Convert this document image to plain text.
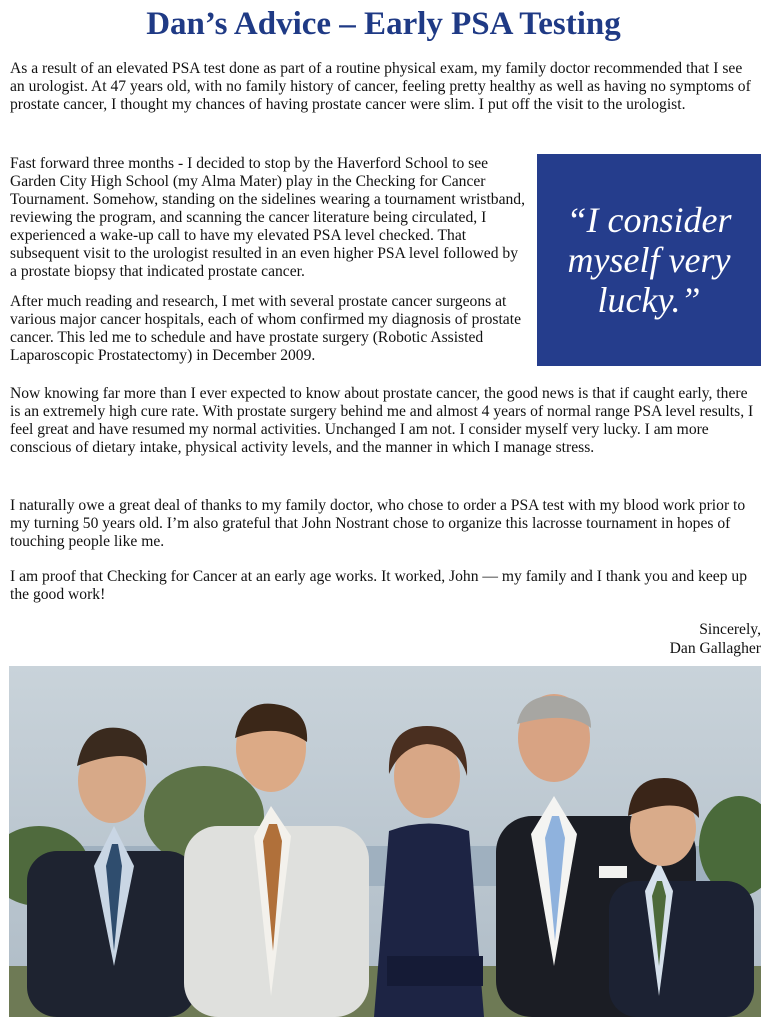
Dan’s Advice – Early PSA Testing

As a result of an elevated PSA test done as part of a routine physical exam, my family doctor recommended that I see an urologist. At 47 years old, with no family history of cancer, feeling pretty healthy as well as having no symptoms of prostate cancer, I thought my chances of having prostate cancer were slim. I put off the visit to the urologist.

Fast forward three months - I decided to stop by the Haverford School to see Garden City High School (my Alma Mater) play in the Checking for Cancer Tournament. Somehow, standing on the sidelines wearing a tournament wristband, reviewing the program, and scanning the cancer literature being circulated, I experienced a wake-up call to have my elevated PSA level checked. That subsequent visit to the urologist resulted in an even higher PSA level followed by a prostate biopsy that indicated prostate cancer.

After much reading and research, I met with several prostate cancer surgeons at various major cancer hospitals, each of whom confirmed my diagnosis of prostate cancer. This led me to schedule and have prostate surgery (Robotic Assisted Laparoscopic Prostatectomy) in December 2009.

Now knowing far more than I ever expected to know about prostate cancer, the good news is that if caught early, there is an extremely high cure rate. With prostate surgery behind me and almost 4 years of normal range PSA level results, I feel great and have resumed my normal activities. Unchanged I am not. I consider myself very lucky. I am more conscious of dietary intake, physical activity levels, and the manner in which I manage stress.

I naturally owe a great deal of thanks to my family doctor, who chose to order a PSA test with my blood work prior to my turning 50 years old. I’m also grateful that John Nostrant chose to organize this lacrosse tournament in hopes of touching people like me.

I am proof that Checking for Cancer at an early age works. It worked, John — my family and I thank you and keep up the good work!

“I consider myself very lucky.”
Sincerely,
Dan Gallagher
